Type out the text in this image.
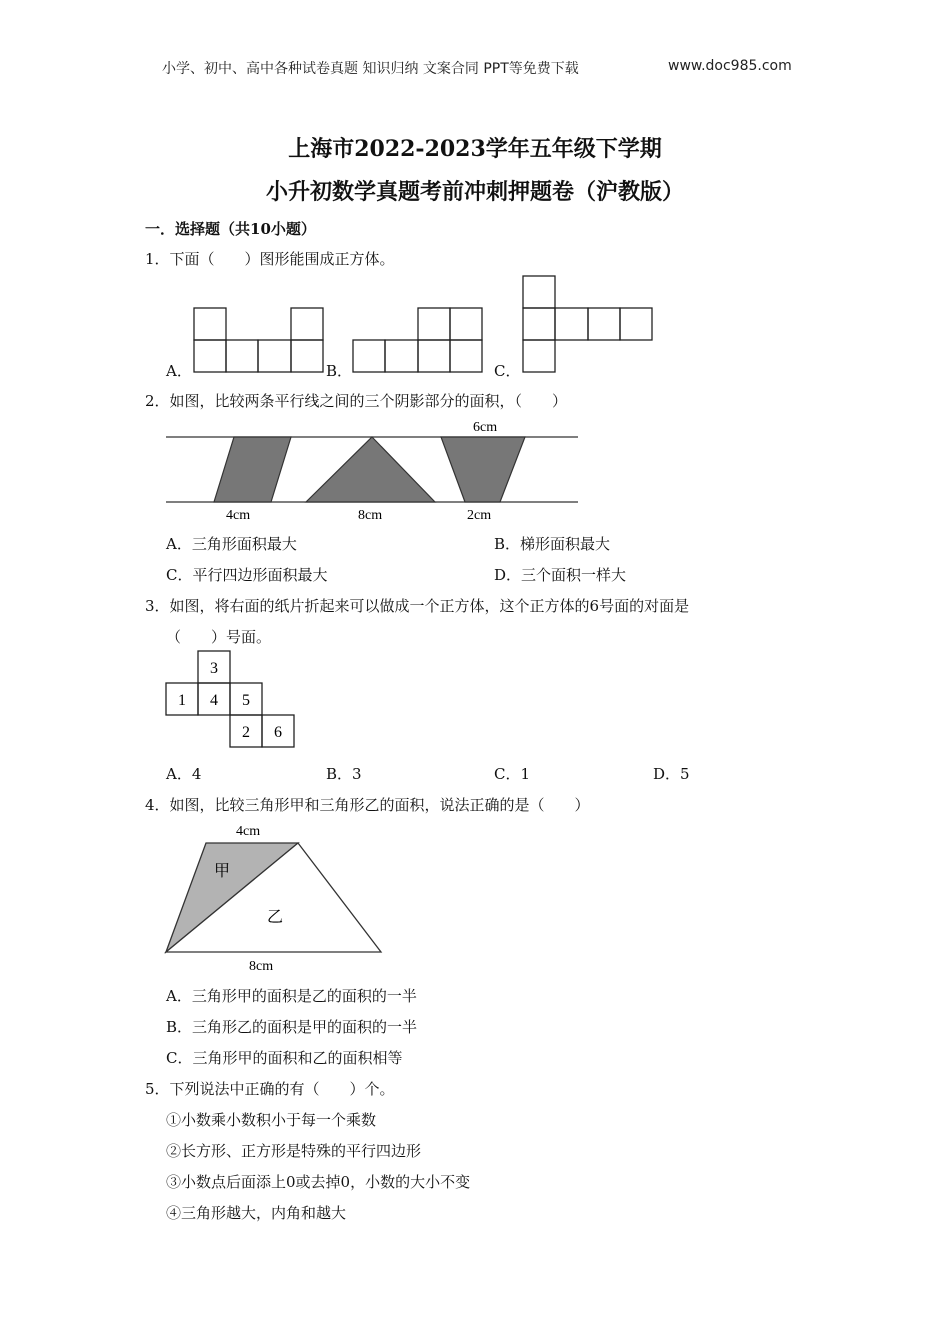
小学、初中、高中各种试卷真题 知识归纳 文案合同 PPT等免费下载	www.doc985.com
上海市2022-2023学年五年级下学期
小升初数学真题考前冲刺押题卷（沪教版）
一．选择题（共10小题）
1．下面（　　）图形能围成正方体。
A．	B．	C．
2．如图，比较两条平行线之间的三个阴影部分的面积，（　　）
6cm
4cm	8cm	2cm
A．三角形面积最大	B．梯形面积最大
C．平行四边形面积最大	D．三个面积一样大
3．如图，将右面的纸片折起来可以做成一个正方体，这个正方体的6号面的对面是
（　　）号面。
3
1 4 5
2 6
A．4	B．3	C．1	D．5
4．如图，比较三角形甲和三角形乙的面积，说法正确的是（　　）
4cm
8cm
甲
乙
A．三角形甲的面积是乙的面积的一半
B．三角形乙的面积是甲的面积的一半
C．三角形甲的面积和乙的面积相等
5．下列说法中正确的有（　　）个。
①小数乘小数积小于每一个乘数
②长方形、正方形是特殊的平行四边形
③小数点后面添上0或去掉0，小数的大小不变
④三角形越大，内角和越大
